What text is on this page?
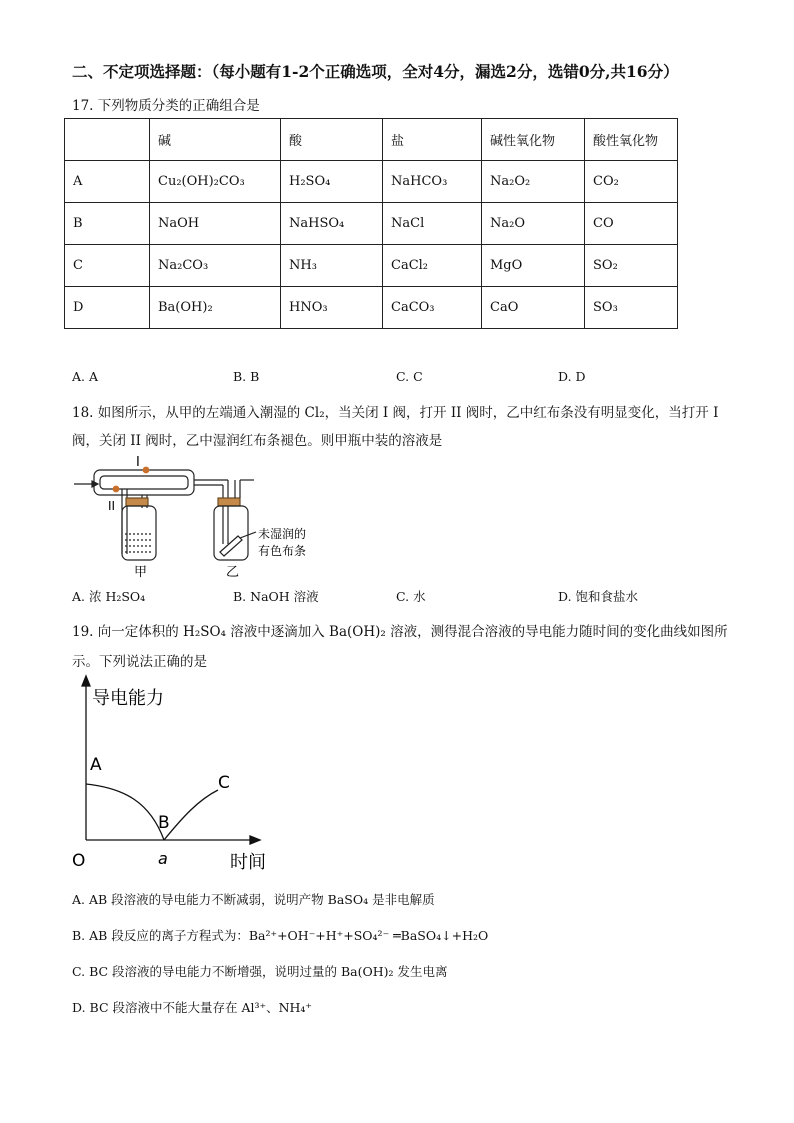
二、不定项选择题：（每小题有1-2个正确选项，全对4分，漏选2分，选错0分,共16分）
17. 下列物质分类的正确组合是
	碱	酸	盐	碱性氧化物	酸性氧化物
A	Cu₂(OH)₂CO₃	H₂SO₄	NaHCO₃	Na₂O₂	CO₂
B	NaOH	NaHSO₄	NaCl	Na₂O	CO
C	Na₂CO₃	NH₃	CaCl₂	MgO	SO₂
D	Ba(OH)₂	HNO₃	CaCO₃	CaO	SO₃
A. A	B. B	C. C	D. D
18. 如图所示，从甲的左端通入潮湿的 Cl₂，当关闭 I 阀，打开 II 阀时，乙中红布条没有明显变化，当打开 I
阀，关闭 II 阀时，乙中湿润红布条褪色。则甲瓶中装的溶液是
I
II
甲	乙
未湿润的
有色布条
A. 浓 H₂SO₄	B. NaOH 溶液	C. 水	D. 饱和食盐水
19. 向一定体积的 H₂SO₄ 溶液中逐滴加入 Ba(OH)₂ 溶液，测得混合溶液的导电能力随时间的变化曲线如图所
示。下列说法正确的是
导电能力
时间
O
A
B
C
a
A. AB 段溶液的导电能力不断减弱，说明产物 BaSO₄ 是非电解质
B. AB 段反应的离子方程式为：Ba²⁺+OH⁻+H⁺+SO₄²⁻ ═BaSO₄↓+H₂O
C. BC 段溶液的导电能力不断增强，说明过量的 Ba(OH)₂ 发生电离
D. BC 段溶液中不能大量存在 Al³⁺、NH₄⁺
